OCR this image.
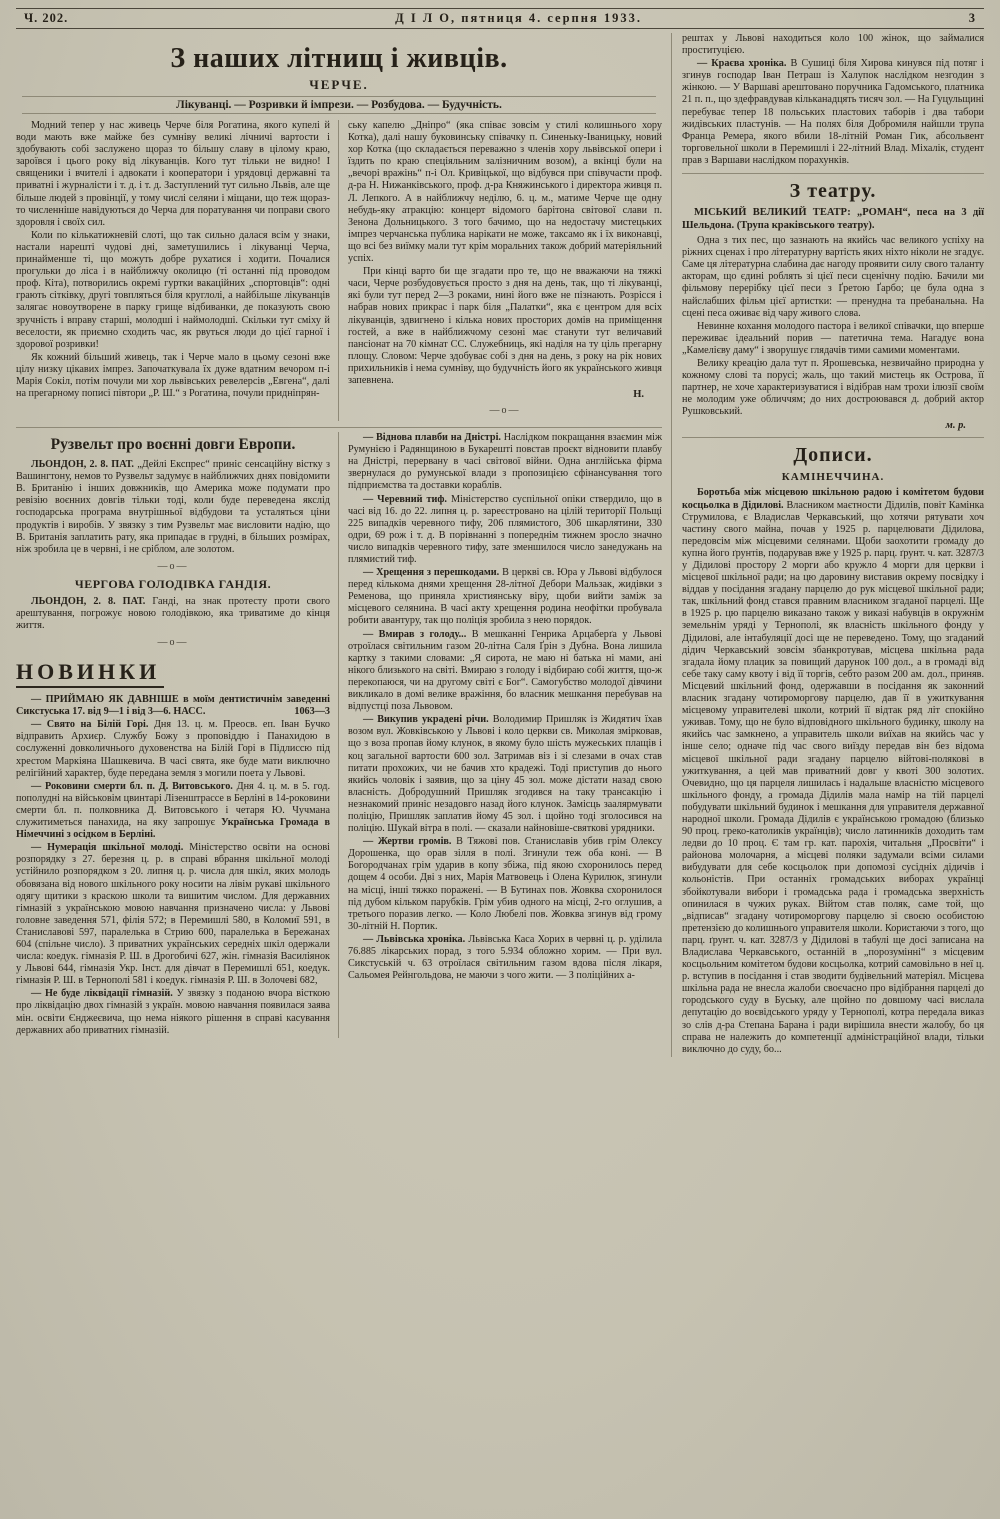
Ч. 202.	Д І Л О, пятниця 4. серпня 1933.	3
З наших літнищ і живців.
ЧЕРЧЕ.
Лікуванці. — Розривки й імпрези. — Розбудова. — Будучність.

Модний тепер у нас живець Черче біля Рогатина, якого купелі й води мають вже майже без сумніву великі лічничі вартости і здобувають собі заслужено щораз то більшу славу в цілому краю, зароївся і цього року від лікуванців. Кого тут тільки не видно! І священики і вчителі і адвокати і кооператори і урядовці державні та приватні і журналісти і т. д. і т. д. Заступлений тут сильно Львів, але ще більше людей з провінції, у тому числі селяни і міщани, що теж щораз-то численніше навідуються до Черча для поратування чи поправи свого здоровля і своїх сил.

Коли по кількатижневій слоті, що так сильно далася всім у знаки, настали нарешті чудові дні, заметушились і лікуванці Черча, принайменше ті, що можуть добре рухатися і ходити. Почалися прогульки до ліса і в найближчу околицю (ті останні під проводом проф. Кіта), потворились окремі гуртки вакаційних „спортовців“: одні грають сітківку, другі товпляться біля круглолі, а найбільше лікуванців залягає новоутворене в парку грище відбиванки, де показують свою зручність і вправу старші, молодші і наймолодші. Скільки тут сміху й веселости, як приємно сходить час, як рвуться люди до цієї гарної і здорової розривки!

Як кожний більший живець, так і Черче мало в цьому сезоні вже цілу низку цікавих імпрез. Започаткувала їх дуже вдатним вечором п-і Марія Сокіл, потім почули ми хор львівських ревелерсів „Евгена“, далі на прегарному пописі півтори „Р. Ш.“ з Рогатина, почули придніпрян-

ську капелю „Дніпро“ (яка співає зовсім у стилі колишнього хору Котка), далі нашу буковинську співачку п. Синеньку-Іваницьку, новий хор Котка (що складається переважно з членів хору львівської опери і їздить по краю спеціяльним залізничним возом), а вкінці були на „вечорі вражінь“ п-і Ол. Кривіцької, що відбувся при співучасти проф. д-ра Н. Нижанківського, проф. д-ра Княжинського і директора живця п. Л. Лепкого. А в найближчу неділю, 6. ц. м., матиме Черче ще одну небудь-яку атракцію: концерт відомого барітона світової слави п. Зенона Дольницького. З того бачимо, що на недостачу мистецьких імпрез черчанська публика нарікати не може, таксамо як і їх виконавці, що всі без виїмку мали тут крім моральних також добрий матеріяльний успіх.

При кінці варто би ще згадати про те, що не вважаючи на тяжкі часи, Черче розбудовується просто з дня на день, так, що ті лікуванці, які були тут перед 2—3 роками, нині його вже не пізнають. Розрісся і набрав нових прикрас і парк біля „Палатки“, яка є центром для всіх лікуванців, здвигнено і кілька нових просторих домів на приміщення гостей, а вже в найближчому сезоні має станути тут величавий пансіонат на 70 кімнат СС. Служебниць, які наділя на ту ціль прегарну площу. Словом: Черче здобуває собі з дня на день, з року на рік нових прихильників і нема сумніву, що будучність його як українського живця запевнена.

Н.
—о—
Рузвельт про воєнні довги Европи.

ЛЬОНДОН, 2. 8. ПАТ. „Дейлі Експрес“ приніс сенсаційну вістку з Вашингтону, немов то Рузвельт задумує в найближчих днях повідомити В. Британію і інших довжників, що Америка може подумати про ревізію воєнних довгів тільки тоді, коли буде переведена якслід господарська програма внутрішньої відбудови та усталяться ціни продуктів і виробів. У звязку з тим Рузвельт має висловити надію, що В. Британія заплатить рату, яка припадає в грудні, в більших розмірах, ніж зробила це в червні, і не сріблом, але золотом.

—о—
ЧЕРГОВА ГОЛОДІВКА ГАНДІЯ.

ЛЬОНДОН, 2. 8. ПАТ. Ганді, на знак протесту проти свого арештування, погрожує новою голодівкою, яка триватиме до кінця життя.

—о—
НОВИНКИ

— ПРИЙМАЮ ЯК ДАВНІШЕ в моїм дентистичнім заведенні Сикстуська 17. від 9—1 і від 3—6. НАСС.	1063—3

— Свято на Білій Горі. Дня 13. ц. м. Преосв. еп. Іван Бучко відправить Архиєр. Службу Божу з проповіддю і Панахидою в сослуженні довколичнього духовенства на Білій Горі в Підлиссю під хрестом Маркіяна Шашкевича. В часі свята, яке буде мати виключно релігійний характер, буде передана земля з могили поета у Львові.

— Роковини смерти бл. п. Д. Витовського. Дня 4. ц. м. в 5. год. пополудні на військовім цвинтарі Лізенштрассе в Берліні в 14-роковини смерти бл. п. полковника Д. Витовського і четаря Ю. Чучмана служитиметься панахида, на яку запрошує Українська Громада в Німеччині з осідком в Берліні.

— Нумерація шкільної молоді. Міністерство освіти на основі розпорядку з 27. березня ц. р. в справі вбрання шкільної молоді устійнило розпорядком з 20. липня ц. р. числа для шкіл, яких молодь обовязана від нового шкільного року носити на лівім рукаві шкільного одягу щитики з краскою школи та вишитим числом. Для державних гімназій з українською мовою навчання призначено числа: у Львові головне заведення 571, філія 572; в Перемишлі 580, в Коломиї 591, в Станиславові 597, паралелька в Стрию 600, паралелька в Бережанах 604 (спільне число). З приватних українських середніх шкіл одержали числа: коедук. гімназія Р. Ш. в Дрогобичі 627, жін. гімназія Василіянок у Львові 644, гімназія Укр. Інст. для дівчат в Перемишлі 651, коедук. гімназія Р. Ш. в Тернополі 581 і коедук. гімназія Р. Ш. в Золочеві 682,

— Не буде ліквідації гімназій. У звязку з поданою вчора вісткою про ліквідацію двох гімназій з україн. мовою навчання появилася заява мін. освіти Єнджеєвича, що нема ніякого рішення в справі касування державних або приватних гімназій.

— Віднова плавби на Дністрі. Наслідком покращання взаємин між Румунією і Радянщиною в Букарешті повстав проєкт відновити плавбу на Дністрі, перервану в часі світової війни. Одна англійська фірма звернулася до румунської влади з пропозицією сфінансування того підприємства та доставки кораблів.

— Черевний тиф. Міністерство суспільної опіки ствердило, що в часі від 16. до 22. липня ц. р. зареєстровано на цілій території Польщі 225 випадків черевного тифу, 206 плямистого, 306 шкарлятини, 330 одри, 69 рож і т. д. В порівнанні з попереднім тижнем зросло значно число випадків черевного тифу, зате зменшилося число занедужань на плямистий тиф.

— Хрещення з перешкодами. В церкві св. Юра у Львові відбулося перед кількома днями хрещення 28-літної Дебори Мальзак, жидівки з Ременова, що приняла християнську віру, щоби вийти заміж за місцевого селянина. В часі акту хрещення родина неофітки пробувала робити авантуру, так що поліція зробила з нею порядок.

— Вмирав з голоду... В мешканні Генрика Арцаберґа у Львові отроїлася світильним газом 20-літна Саля Ґрін з Дубна. Вона лишила картку з такими словами: „Я сирота, не маю ні батька ні мами, ані нікого близького на світі. Вмираю з голоду і відбираю собі життя, що-ж перекопаюся, чи на другому світі є Бог“. Самогубство молодої дівчини викликало в домі велике вражіння, бо власник мешкання перебував на відпустці поза Львовом.

— Викупив украдені річи. Володимир Пришляк із Жидятич їхав возом вул. Жовківською у Львові і коло церкви св. Миколая змірковав, що з воза пропав йому клунок, в якому було шість мужеських плащів і коц загальної вартости 600 зол. Затримав віз і зі слезами в очах став питати прохожих, чи не бачив хто крадежі. Тоді приступив до нього якийсь чоловік і заявив, що за ціну 45 зол. може дістати назад свою власність. Добродушний Пришляк згодився на таку трансакцію і незнакомий приніс незадовго назад його клунок. Замісць заалярмувати поліцію, Пришляк заплатив йому 45 зол. і щойно тоді зголосився на поліцію. Шукай вітра в полі. — сказали найновіше-святкові урядники.

— Жертви громів. В Тяжові пов. Станиславів убив грім Олексу Дорошенка, що орав зілля в полі. Згинули теж оба коні. — В Богородчанах грім ударив в копу збіжа, під якою схоронилось перед дощем 4 особи. Дві з них, Марія Матвовець і Олена Курилюк, згинули на місці, інші тяжко поражені. — В Бутинах пов. Жовква схоронилося під дубом кільком парубків. Грім убив одного на місці, 2-го оглушив, а третього поразив легко. — Коло Любелі пов. Жовква згинув від грому 30-літній Н. Портик.

— Львівська хроніка. Львівська Каса Хорих в червні ц. р. уділила 76.885 лікарських порад, з того 5.934 обложно хорим. — При вул. Сикстуській ч. 63 отроїлася світильним газом вдова після лікаря, Сальомея Рейнгольдова, не маючи з чого жити. — З поліційних а-

рештах у Львові находиться коло 100 жінок, що займалися проституцією.

— Краєва хроніка. В Сушиці біля Хирова кинувся під потяг і згинув господар Іван Петраш із Халупок наслідком незгодин з жінкою. — У Варшаві арештовано поручника Гадомського, платника 21 п. п., що здефравдував кільканадцять тисяч зол. — На Гуцульщині перебуває тепер 18 польських пластових таборів і два табори жидівських пластунів. — На полях біля Добромиля найшли трупа Франца Ремера, якого вбили 18-літній Роман Гик, абсольвент торговельної школи в Перемишлі і 22-літний Влад. Міхалік, студент прав з Варшави наслідком порахунків.

З театру.

МІСЬКИЙ ВЕЛИКИЙ ТЕАТР: „РОМАН“, песа на 3 дії Шельдона. (Трупа краківського театру).

Одна з тих пес, що зазнають на якийсь час великого успіху на ріжних сценах і про літературну вартість яких ніхто ніколи не згадує. Саме ця літературна слабина дає нагоду проявити силу свого таланту акторам, що єдині роблять зі цієї песи сценічну подію. Бачили ми фільмову перерібку цієї песи з Ґретою Ґарбо; це була одна з найслабших фільм цієї артистки: — пренудна та пребанальна. На сцені песа оживає від чару живого слова.

Невинне кохання молодого пастора і великої співачки, що вперше переживає ідеальний порив — патетична тема. Нагадує вона „Камелієву даму“ і зворушує глядачів тими самими моментами.

Велику креацію дала тут п. Ярошевська, незвичайно природна у кожному слові та порусі; жаль, що такий мистець як Острова, її партнер, не хоче характеризуватися і відібрав нам трохи ілюзії своїм не молодим уже обличчям; до них достроювався д. добрий актор Рушковський.

м. р.
Дописи.
КАМІНЕЧЧИНА.

Боротьба між місцевою шкільною радою і комітетом будови косцьолка в Дідилові. Власником маєтности Дідилів, повіт Камінка Струмилова, є Владислав Черкавський, що хотячи рятувати хоч частину свого майна, почав у 1925 р. парцелювати Дідилова, передовсім між місцевими селянами. Щоби заохотити громаду до купна його ґрунтів, подарував вже у 1925 р. парц. ґрунт. ч. кат. 3287/3 у Дідилові простору 2 морги або кружло 4 морги для церкви і місцевої шкільної ради; на цю даровину виставив окрему посвідку і віддав у посідання згадану парцелю до рук місцевої шкільної ради; так, шкільний фонд стався правним власником згаданої парцелі. Ще в 1925 р. цю парцелю виказано також у виказі набувців в окружнім земельнім уряді у Тернополі, як власність шкільного фонду у Дідилові, але інтабуляції досі ще не переведено. Тому, що згаданий дідич Черкавський зовсім збанкротував, місцева шкільна рада згадала йому плацик за повищий дарунок 100 дол., а в громаді від себе таку саму квоту і від її торгів, себто разом 200 ам. дол., приняв. Місцевий шкільний фонд, одержавши в посідання як законний власник згадану чотироморгову парцелю, дав її в ужиткування місцевому управителеві школи, котрий її відтак ряд літ спокійно уживав. Тому, що не було відповідного шкільного будинку, школу на якийсь час замкнено, а управитель школи виїхав на якийсь час у інше село; одначе під час свого виїзду передав він без відома місцевої шкільної ради згадану парцелю війтові-полякові в ужиткування, а цей мав приватний довг у квоті 300 золотих. Очевидно, що ця парцеля лишилась і надальше власністю місцевого шкільного фонду, а громада Дідилів мала намір на тій парцелі побудувати шкільний будинок і мешкання для управителя державної народної школи. Громада Дідилів є українською громадою (близько 90 проц. греко-католиків українців); число латинників доходить там ледви до 10 проц. Є там гр. кат. парохія, читальня „Просвіти“ і районова молочарня, а місцеві поляки задумали всіми силами вибудувати для себе косцьолок при допомозі сусідніх дідичів і кольоністів. При останніх громадських виборах українці збойкотували вибори і громадська рада і громадська зверхність опинилася в чужих руках. Війтом став поляк, саме той, що „відписав“ згадану чотироморгову парцелю зі своєю особистою претензією до колишнього управителя школи. Користаючи з того, що парц. ґрунт. ч. кат. 3287/3 у Дідилові в табулі ще досі записана на Владислава Черкавського, останній в „порозумінні“ з місцевим косцьольним комітетом будови косцьолка, котрий самовільно в неї ц. р. вступив в посідання і став зводити будівельний матеріял. Місцева шкільна рада не внесла жалоби своєчасно про відібрання парцелі до городського суду в Буську, але щойно по довшому часі вислала депутацію до воєвідського уряду у Тернополі, котра передала виказ зо слів д-ра Степана Барана і ради вирішила внести жалобу, бо ця справа не належить до компетенції адміністраційної влади, тільки виключно до суду, бо...
